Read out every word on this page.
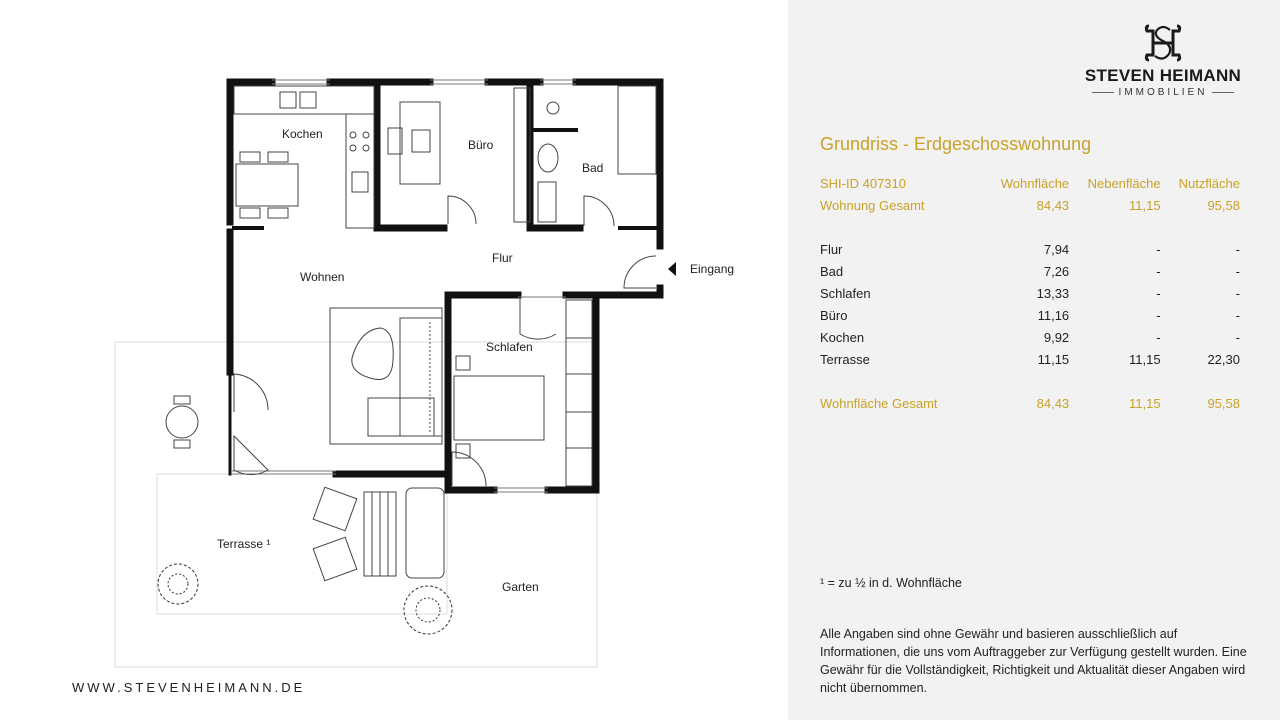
Kochen
Büro
Bad
Flur
Wohnen
Schlafen
Eingang
Terrasse ¹
Garten
WWW.STEVENHEIMANN.DE
STEVEN HEIMANN
IMMOBILIEN
Grundriss - Erdgeschosswohnung
SHI-ID 407310	Wohnfläche	Nebenfläche	Nutzfläche
Wohnung Gesamt	84,43	11,15	95,58

Flur	7,94	-	-
Bad	7,26	-	-
Schlafen	13,33	-	-
Büro	11,16	-	-
Kochen	9,92	-	-
Terrasse	11,15	11,15	22,30

Wohnfläche Gesamt	84,43	11,15	95,58
¹ = zu ½ in d. Wohnfläche
Alle Angaben sind ohne Gewähr und basieren ausschließlich auf Informationen, die uns vom Auftraggeber zur Verfügung gestellt wurden. Eine Gewähr für die Vollständigkeit, Richtigkeit und Aktualität dieser Angaben wird nicht übernommen.
